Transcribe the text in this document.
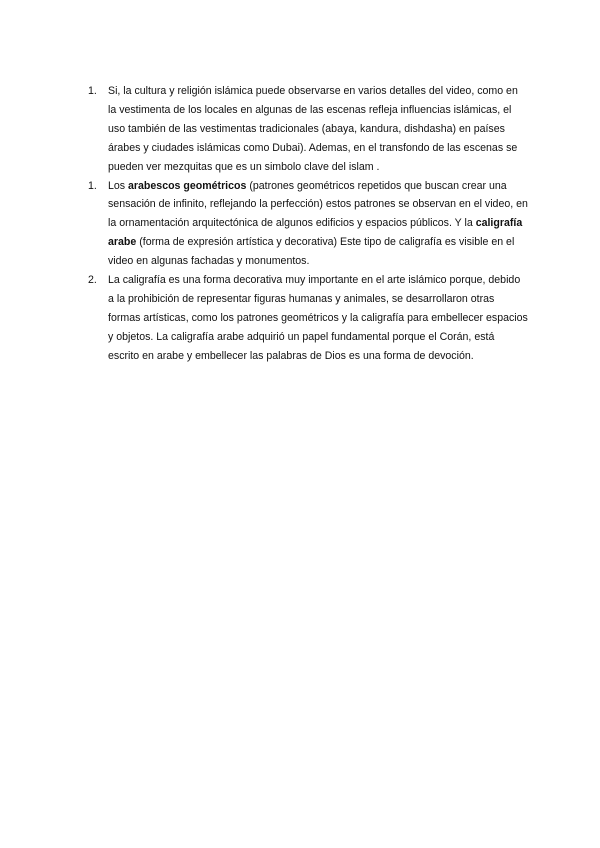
1.	Si, la cultura y religión islámica puede observarse en varios detalles del video, como en la vestimenta de los locales en algunas de las escenas refleja influencias islámicas, el uso también de las vestimentas tradicionales (abaya, kandura, dishdasha) en países árabes y ciudades islámicas como Dubai). Ademas, en el transfondo de las escenas se pueden ver mezquitas que es un simbolo clave del islam .
1.	Los arabescos geométricos (patrones geométricos repetidos que buscan crear una sensación de infinito, reflejando la perfección) estos patrones se observan en el video, en la ornamentación arquitectónica de algunos edificios y espacios públicos. Y la caligrafía arabe (forma de expresión artística y decorativa) Este tipo de caligrafía es visible en el video en algunas fachadas y monumentos.
2.	La caligrafía es una forma decorativa muy importante en el arte islámico porque, debido a la prohibición de representar figuras humanas y animales, se desarrollaron otras formas artísticas, como los patrones geométricos y la caligrafía para embellecer espacios y objetos. La caligrafía arabe adquirió un papel fundamental porque el Corán, está escrito en arabe y embellecer las palabras de Dios es una forma de devoción.
